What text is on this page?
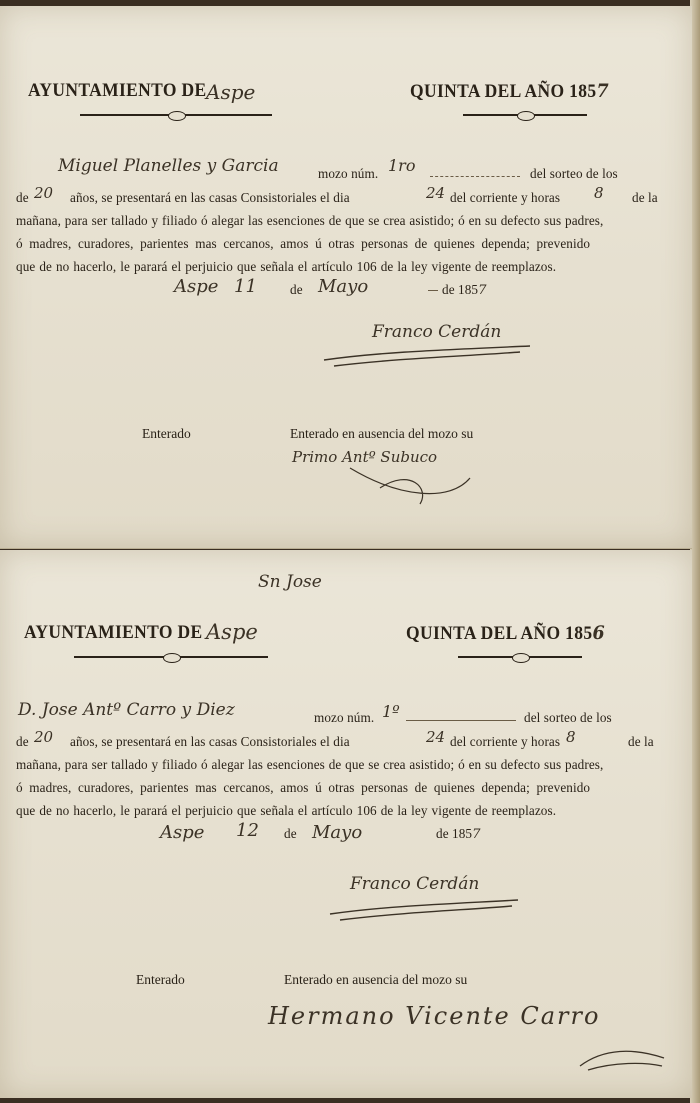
AYUNTAMIENTO DE Aspe	QUINTA DEL AÑO 1857
Miguel Planelles y Garcia	mozo núm. 1ro	del sorteo de los
de 20 años, se presentará en las casas Consistoriales el dia	24 del corriente y horas 8 de la
mañana, para ser tallado y filiado ó alegar las esenciones de que se crea asistido; ó en su defecto sus padres,
ó madres, curadores, parientes mas cercanos, amos ú otras personas de quienes dependa; prevenido
que de no hacerlo, le parará el perjuicio que señala el artículo 106 de la ley vigente de reemplazos.
Aspe 11	de Mayo	de 1857
Franco Cerdán
Enterado	Enterado en ausencia del mozo su
Primo Antº Subuco
Sn Jose
AYUNTAMIENTO DE Aspe	QUINTA DEL AÑO 1856
D. Jose Antº Carro y Diez	mozo núm. 1º	del sorteo de los
de 20 años, se presentará en las casas Consistoriales el dia	24 del corriente y horas 8	de la
mañana, para ser tallado y filiado ó alegar las esenciones de que se crea asistido; ó en su defecto sus padres,
ó madres, curadores, parientes mas cercanos, amos ú otras personas de quienes dependa; prevenido
que de no hacerlo, le parará el perjuicio que señala el artículo 106 de la ley vigente de reemplazos.
Aspe 12 de Mayo	de 1857
Franco Cerdán
Enterado	Enterado en ausencia del mozo su
Hermano Vicente Carro
